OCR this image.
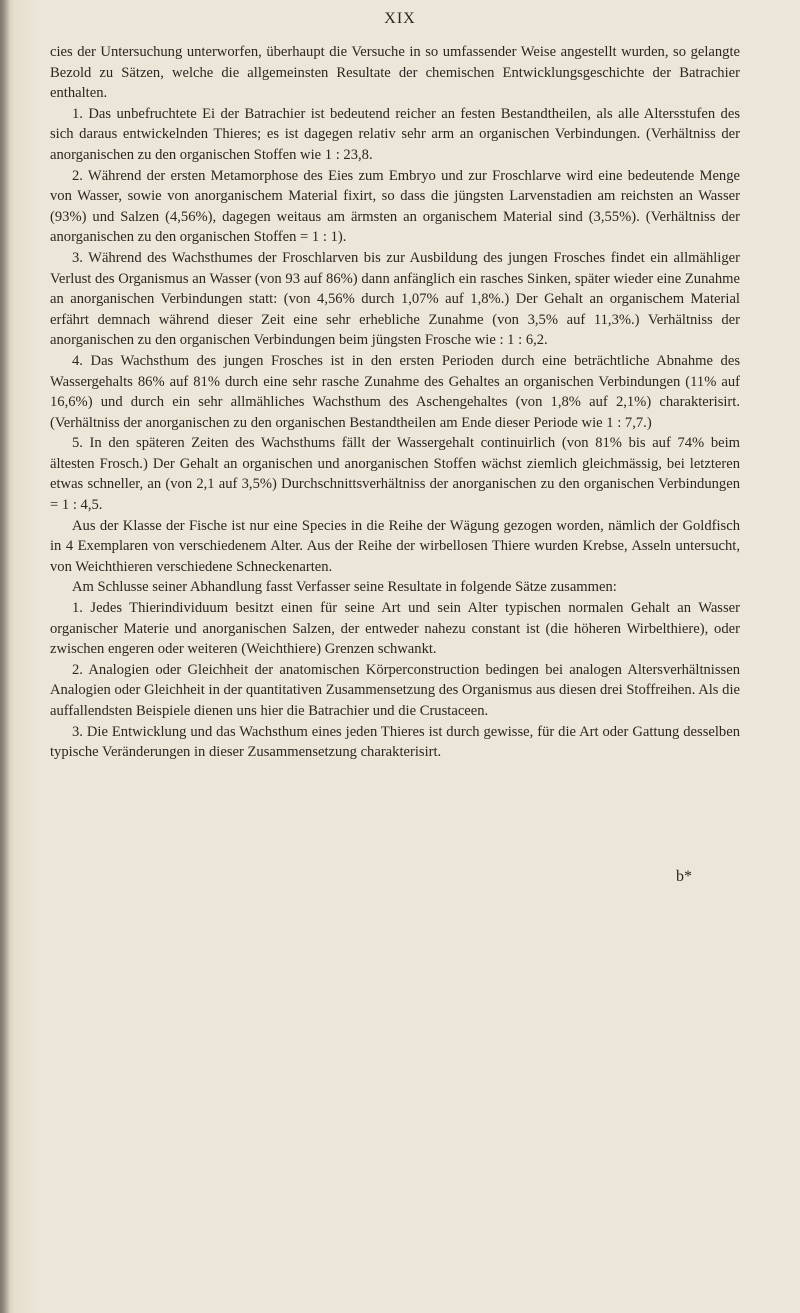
XIX

cies der Untersuchung unterworfen, überhaupt die Versuche in so umfassender Weise angestellt wurden, so gelangte Bezold zu Sätzen, welche die allgemeinsten Resultate der chemischen Entwicklungsgeschichte der Batrachier enthalten.

1. Das unbefruchtete Ei der Batrachier ist bedeutend reicher an festen Bestandtheilen, als alle Altersstufen des sich daraus entwickelnden Thieres; es ist dagegen relativ sehr arm an organischen Verbindungen. (Verhältniss der anorganischen zu den organischen Stoffen wie 1 : 23,8.

2. Während der ersten Metamorphose des Eies zum Embryo und zur Froschlarve wird eine bedeutende Menge von Wasser, sowie von anorganischem Material fixirt, so dass die jüngsten Larvenstadien am reichsten an Wasser (93%) und Salzen (4,56%), dagegen weitaus am ärmsten an organischem Material sind (3,55%). (Verhältniss der anorganischen zu den organischen Stoffen = 1 : 1).

3. Während des Wachsthumes der Froschlarven bis zur Ausbildung des jungen Frosches findet ein allmähliger Verlust des Organismus an Wasser (von 93 auf 86%) dann anfänglich ein rasches Sinken, später wieder eine Zunahme an anorganischen Verbindungen statt: (von 4,56% durch 1,07% auf 1,8%.) Der Gehalt an organischem Material erfährt demnach während dieser Zeit eine sehr erhebliche Zunahme (von 3,5% auf 11,3%.) Verhältniss der anorganischen zu den organischen Verbindungen beim jüngsten Frosche wie : 1 : 6,2.

4. Das Wachsthum des jungen Frosches ist in den ersten Perioden durch eine beträchtliche Abnahme des Wassergehalts 86% auf 81% durch eine sehr rasche Zunahme des Gehaltes an organischen Verbindungen (11% auf 16,6%) und durch ein sehr allmähliches Wachsthum des Aschengehaltes (von 1,8% auf 2,1%) charakterisirt. (Verhältniss der anorganischen zu den organischen Bestandtheilen am Ende dieser Periode wie 1 : 7,7.)

5. In den späteren Zeiten des Wachsthums fällt der Wassergehalt continuirlich (von 81% bis auf 74% beim ältesten Frosch.) Der Gehalt an organischen und anorganischen Stoffen wächst ziemlich gleichmässig, bei letzteren etwas schneller, an (von 2,1 auf 3,5%) Durchschnittsverhältniss der anorganischen zu den organischen Verbindungen = 1 : 4,5.

Aus der Klasse der Fische ist nur eine Species in die Reihe der Wägung gezogen worden, nämlich der Goldfisch in 4 Exemplaren von verschiedenem Alter. Aus der Reihe der wirbellosen Thiere wurden Krebse, Asseln untersucht, von Weichthieren verschiedene Schneckenarten.

Am Schlusse seiner Abhandlung fasst Verfasser seine Resultate in folgende Sätze zusammen:

1. Jedes Thierindividuum besitzt einen für seine Art und sein Alter typischen normalen Gehalt an Wasser organischer Materie und anorganischen Salzen, der entweder nahezu constant ist (die höheren Wirbelthiere), oder zwischen engeren oder weiteren (Weichthiere) Grenzen schwankt.

2. Analogien oder Gleichheit der anatomischen Körperconstruction bedingen bei analogen Altersverhältnissen Analogien oder Gleichheit in der quantitativen Zusammensetzung des Organismus aus diesen drei Stoffreihen. Als die auffallendsten Beispiele dienen uns hier die Batrachier und die Crustaceen.

3. Die Entwicklung und das Wachsthum eines jeden Thieres ist durch gewisse, für die Art oder Gattung desselben typische Veränderungen in dieser Zusammensetzung charakterisirt.

b*
